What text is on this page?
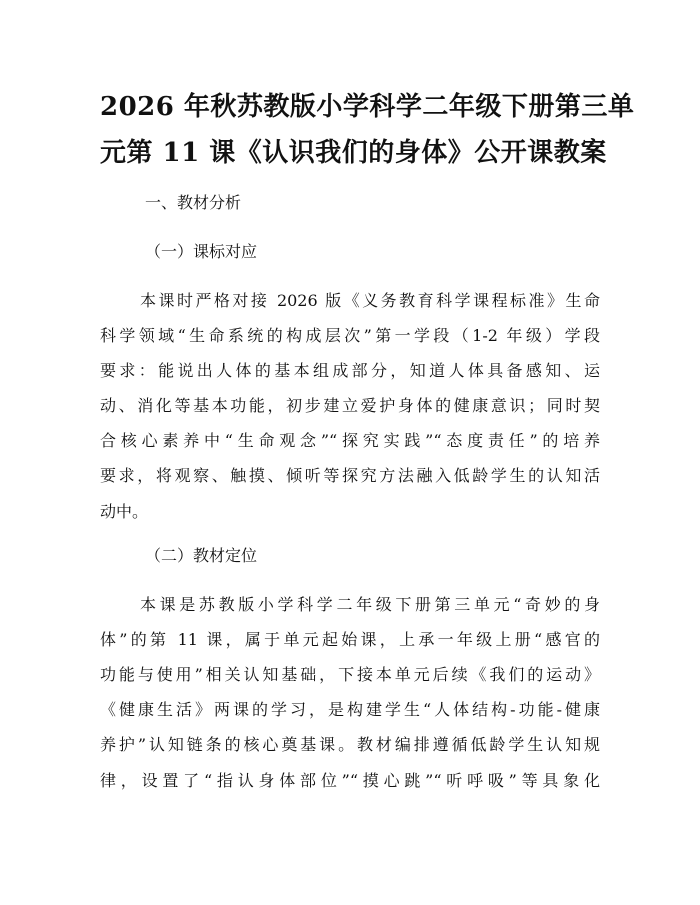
2026 年秋苏教版小学科学二年级下册第三单
元第 11 课《认识我们的身体》公开课教案
一、教材分析
（一）课标对应
本课时严格对接 2026 版《义务教育科学课程标准》生命
科学领域“生命系统的构成层次”第一学段（1-2 年级）学段
要求：能说出人体的基本组成部分，知道人体具备感知、运
动、消化等基本功能，初步建立爱护身体的健康意识；同时契
合核心素养中“生命观念”“探究实践”“态度责任”的培养
要求，将观察、触摸、倾听等探究方法融入低龄学生的认知活
动中。
（二）教材定位
本课是苏教版小学科学二年级下册第三单元“奇妙的身
体”的第 11 课，属于单元起始课，上承一年级上册“感官的
功能与使用”相关认知基础，下接本单元后续《我们的运动》
《健康生活》两课的学习，是构建学生“人体结构-功能-健康
养护”认知链条的核心奠基课。教材编排遵循低龄学生认知规
律，设置了“指认身体部位”“摸心跳”“听呼吸”等具象化
